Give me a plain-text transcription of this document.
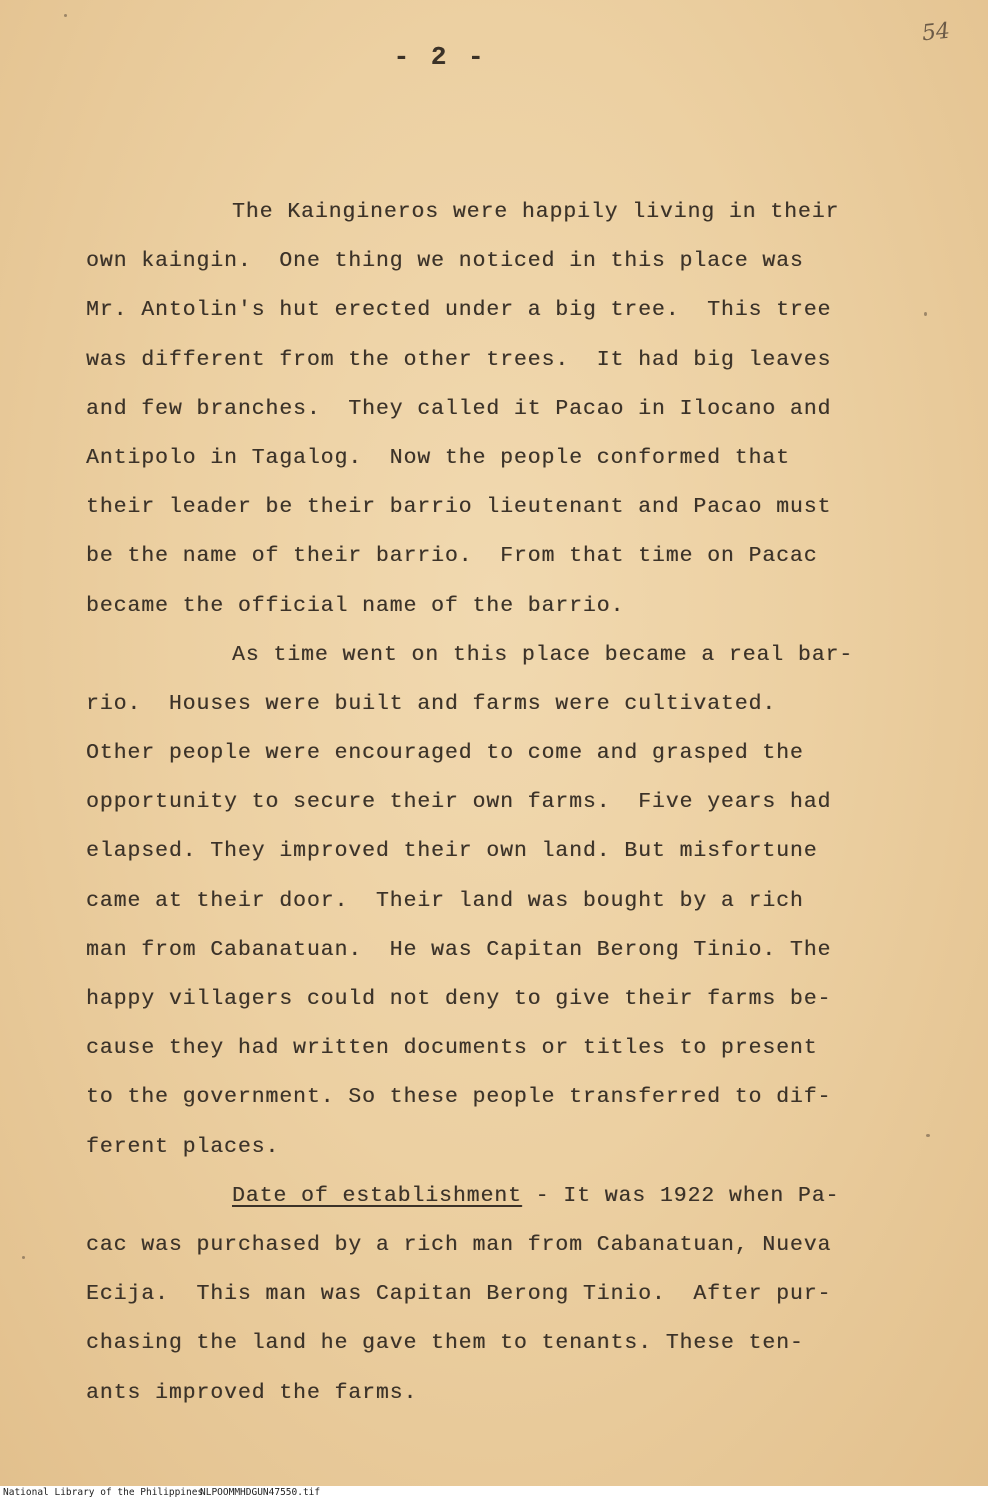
54
- 2 -
The Kaingineros were happily living in their
own kaingin.  One thing we noticed in this place was
Mr. Antolin's hut erected under a big tree.  This tree
was different from the other trees.  It had big leaves
and few branches.  They called it Pacao in Ilocano and
Antipolo in Tagalog.  Now the people conformed that
their leader be their barrio lieutenant and Pacao must
be the name of their barrio.  From that time on Pacac
became the official name of the barrio.
As time went on this place became a real bar-
rio.  Houses were built and farms were cultivated.
Other people were encouraged to come and grasped the
opportunity to secure their own farms.  Five years had
elapsed. They improved their own land. But misfortune
came at their door.  Their land was bought by a rich
man from Cabanatuan.  He was Capitan Berong Tinio. The
happy villagers could not deny to give their farms be-
cause they had written documents or titles to present
to the government. So these people transferred to dif-
ferent places.
Date of establishment - It was 1922 when Pa-
cac was purchased by a rich man from Cabanatuan, Nueva
Ecija.  This man was Capitan Berong Tinio.  After pur-
chasing the land he gave them to tenants. These ten-
ants improved the farms.

National Library of the Philippines

NLPOOMMHDGUN47550.tif
